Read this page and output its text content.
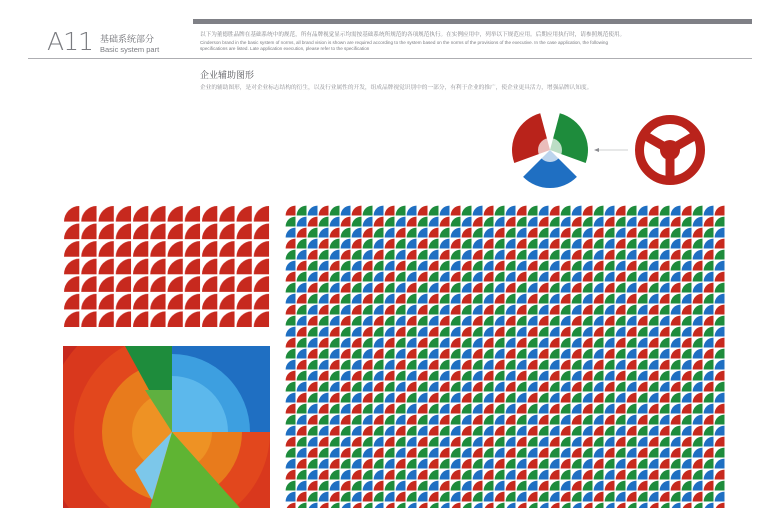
A11 基础系统部分
Basic system part
以下为董德胜品牌在基础系统中的规范，所有品牌视觉显示均需按基础系统所规范的各项规范执行。在实例应用中，列举以下规范应用。后期应用执行时，请参照规范使用。
Cinderson brand in the basic system of norms, all brand vision is shown are required according to the system based on the norms of the provisions of the executive. In the case application, the following
specifications are listed. Late application execution, please refer to the specification
企业辅助图形
企业的辅助图形，是对企业标志结构的衍生，以及行业属性的开发，组成品牌视觉识别中的一部分，有利于企业的推广，使企业更具活力，增强品牌认知度。
